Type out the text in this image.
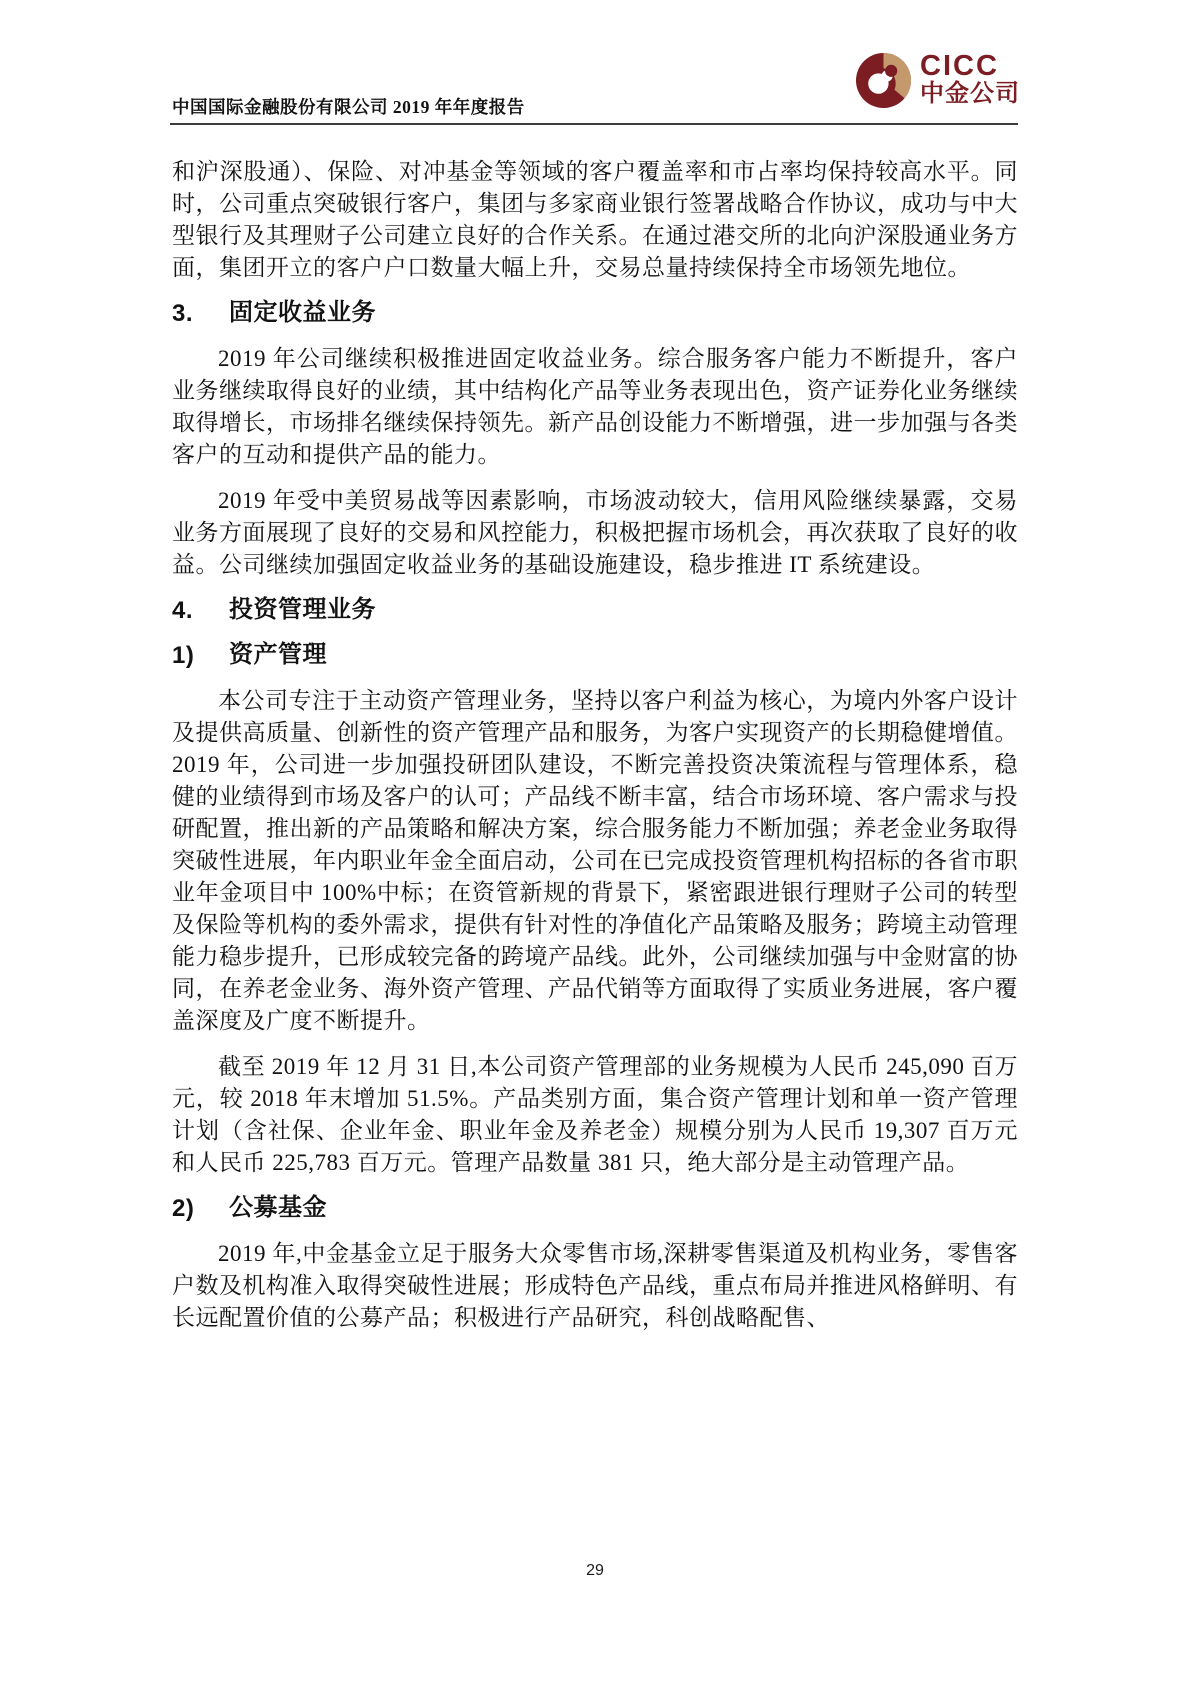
CICC
中金公司
中国国际金融股份有限公司 2019 年年度报告

和沪深股通）、保险、对冲基金等领域的客户覆盖率和市占率均保持较高水平。同时，公司重点突破银行客户，集团与多家商业银行签署战略合作协议，成功与中大型银行及其理财子公司建立良好的合作关系。在通过港交所的北向沪深股通业务方面，集团开立的客户户口数量大幅上升，交易总量持续保持全市场领先地位。

3.	固定收益业务

2019 年公司继续积极推进固定收益业务。综合服务客户能力不断提升，客户业务继续取得良好的业绩，其中结构化产品等业务表现出色，资产证券化业务继续取得增长，市场排名继续保持领先。新产品创设能力不断增强，进一步加强与各类客户的互动和提供产品的能力。

2019 年受中美贸易战等因素影响，市场波动较大，信用风险继续暴露，交易业务方面展现了良好的交易和风控能力，积极把握市场机会，再次获取了良好的收益。公司继续加强固定收益业务的基础设施建设，稳步推进 IT 系统建设。

4.	投资管理业务
1)	资产管理

本公司专注于主动资产管理业务，坚持以客户利益为核心，为境内外客户设计及提供高质量、创新性的资产管理产品和服务，为客户实现资产的长期稳健增值。2019 年，公司进一步加强投研团队建设，不断完善投资决策流程与管理体系，稳健的业绩得到市场及客户的认可；产品线不断丰富，结合市场环境、客户需求与投研配置，推出新的产品策略和解决方案，综合服务能力不断加强；养老金业务取得突破性进展，年内职业年金全面启动，公司在已完成投资管理机构招标的各省市职业年金项目中 100%中标；在资管新规的背景下，紧密跟进银行理财子公司的转型及保险等机构的委外需求，提供有针对性的净值化产品策略及服务；跨境主动管理能力稳步提升，已形成较完备的跨境产品线。此外，公司继续加强与中金财富的协同，在养老金业务、海外资产管理、产品代销等方面取得了实质业务进展，客户覆盖深度及广度不断提升。

截至 2019 年 12 月 31 日,本公司资产管理部的业务规模为人民币 245,090 百万元，较 2018 年末增加 51.5%。产品类别方面，集合资产管理计划和单一资产管理计划（含社保、企业年金、职业年金及养老金）规模分别为人民币 19,307 百万元和人民币 225,783 百万元。管理产品数量 381 只，绝大部分是主动管理产品。

2)	公募基金

2019 年,中金基金立足于服务大众零售市场,深耕零售渠道及机构业务，零售客户数及机构准入取得突破性进展；形成特色产品线，重点布局并推进风格鲜明、有长远配置价值的公募产品；积极进行产品研究，科创战略配售、

29
